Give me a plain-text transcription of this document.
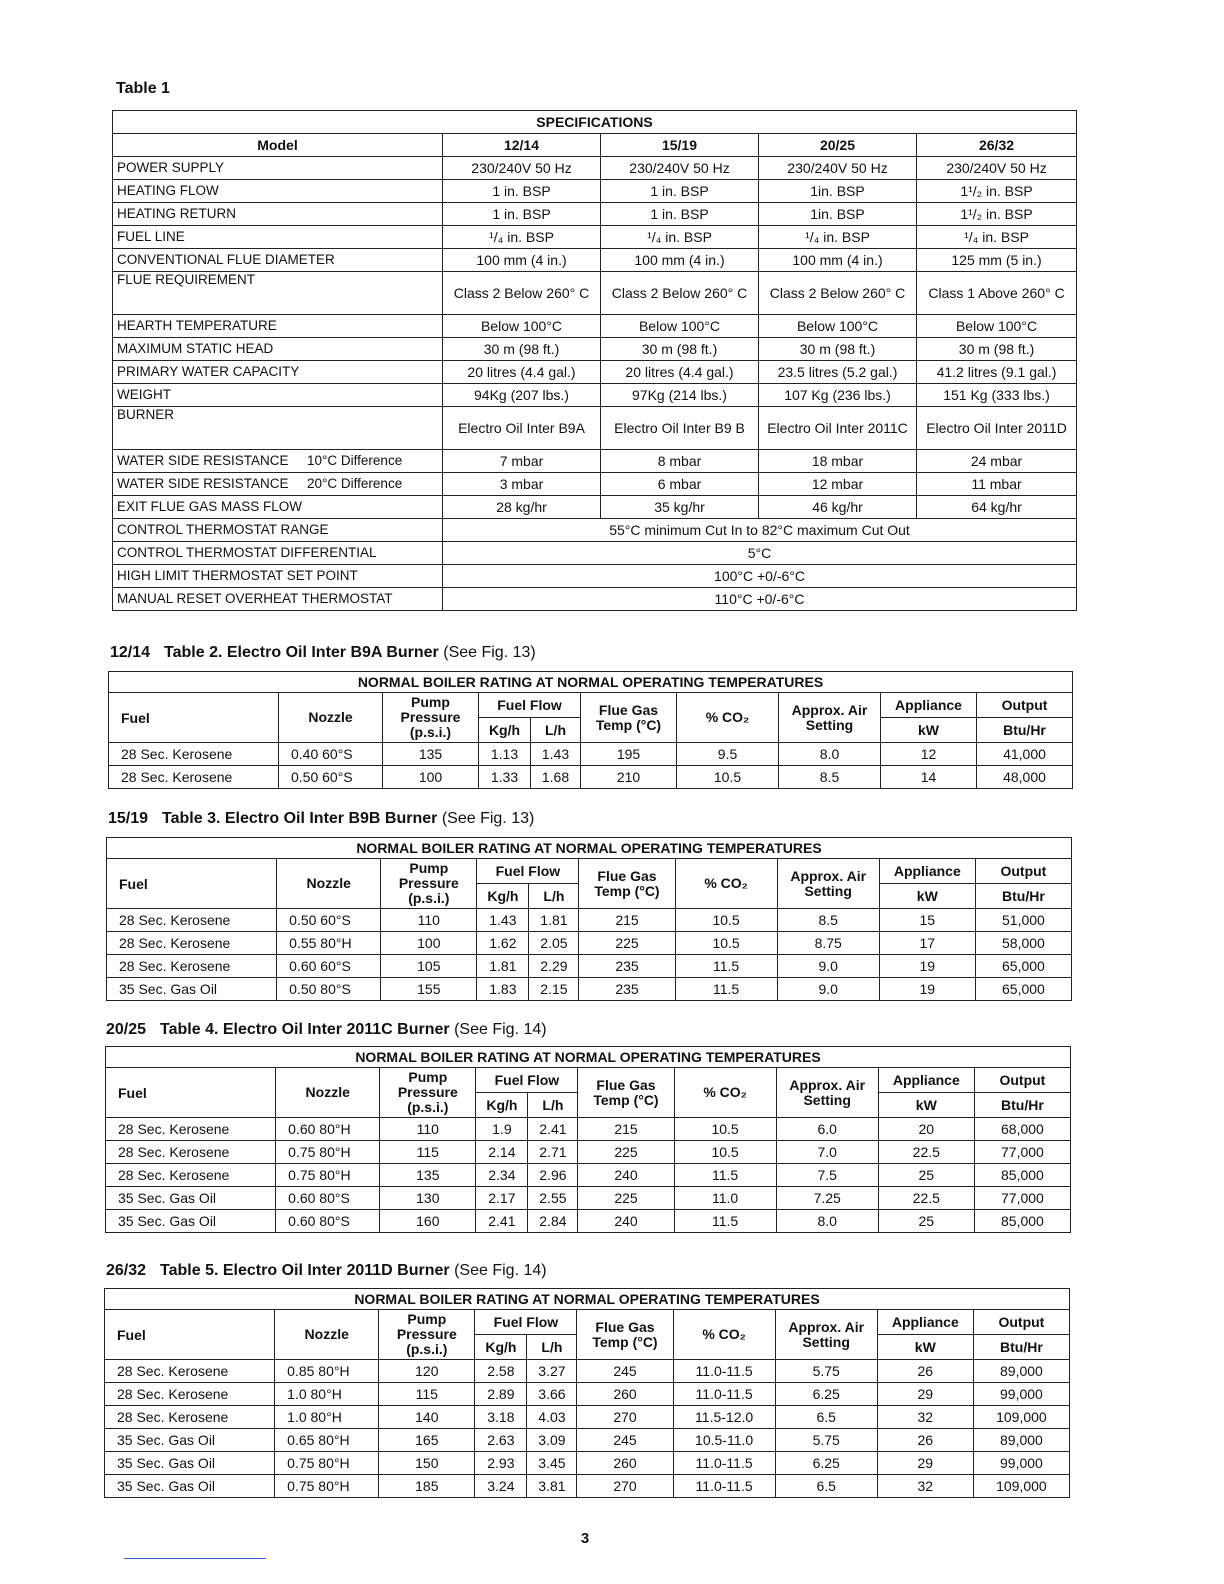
Table 1
SPECIFICATIONS				
Model	12/14	15/19	20/25	26/32
POWER SUPPLY	230/240V 50 Hz	230/240V 50 Hz	230/240V 50 Hz	230/240V 50 Hz
HEATING FLOW	1 in. BSP	1 in. BSP	1in. BSP	1¹/₂ in. BSP
HEATING RETURN	1 in. BSP	1 in. BSP	1in. BSP	1¹/₂ in. BSP
FUEL LINE	¹/₄ in. BSP	¹/₄ in. BSP	¹/₄ in. BSP	¹/₄ in. BSP
CONVENTIONAL FLUE DIAMETER	100 mm (4 in.)	100 mm (4 in.)	100 mm (4 in.)	125 mm (5 in.)
FLUE REQUIREMENT	Class 2 Below 260° C	Class 2 Below 260° C	Class 2 Below 260° C	Class 1 Above 260° C
HEARTH TEMPERATURE	Below 100°C	Below 100°C	Below 100°C	Below 100°C
MAXIMUM STATIC HEAD	30 m (98 ft.)	30 m (98 ft.)	30 m (98 ft.)	30 m (98 ft.)
PRIMARY WATER CAPACITY	20 litres (4.4 gal.)	20 litres (4.4 gal.)	23.5 litres (5.2 gal.)	41.2 litres (9.1 gal.)
WEIGHT	94Kg (207 lbs.)	97Kg (214 lbs.)	107 Kg (236 lbs.)	151 Kg (333 lbs.)
BURNER	Electro Oil Inter B9A	Electro Oil Inter B9 B	Electro Oil Inter 2011C	Electro Oil Inter 2011D
WATER SIDE RESISTANCE 10°C Difference	7 mbar	8 mbar	18 mbar	24 mbar
WATER SIDE RESISTANCE 20°C Difference	3 mbar	6 mbar	12 mbar	11 mbar
EXIT FLUE GAS MASS FLOW	28 kg/hr	35 kg/hr	46 kg/hr	64 kg/hr
CONTROL THERMOSTAT RANGE	55°C minimum Cut In to 82°C maximum Cut Out			
CONTROL THERMOSTAT DIFFERENTIAL	5°C			
HIGH LIMIT THERMOSTAT SET POINT	100°C +0/-6°C			
MANUAL RESET OVERHEAT THERMOSTAT	110°C +0/-6°C			
12/14 Table 2. Electro Oil Inter B9A Burner (See Fig. 13)
NORMAL BOILER RATING AT NORMAL OPERATING TEMPERATURES									
Fuel	Nozzle	Pump Pressure (p.s.i.)	Fuel Flow		Flue Gas Temp (°C)	% CO₂	Approx. Air Setting	Appliance	Output
			Kg/h	L/h				kW	Btu/Hr
28 Sec. Kerosene	0.40 60°S	135	1.13	1.43	195	9.5	8.0	12	41,000
28 Sec. Kerosene	0.50 60°S	100	1.33	1.68	210	10.5	8.5	14	48,000
15/19 Table 3. Electro Oil Inter B9B Burner (See Fig. 13)
NORMAL BOILER RATING AT NORMAL OPERATING TEMPERATURES									
Fuel	Nozzle	Pump Pressure (p.s.i.)	Fuel Flow		Flue Gas Temp (°C)	% CO₂	Approx. Air Setting	Appliance	Output
			Kg/h	L/h				kW	Btu/Hr
28 Sec. Kerosene	0.50 60°S	110	1.43	1.81	215	10.5	8.5	15	51,000
28 Sec. Kerosene	0.55 80°H	100	1.62	2.05	225	10.5	8.75	17	58,000
28 Sec. Kerosene	0.60 60°S	105	1.81	2.29	235	11.5	9.0	19	65,000
35 Sec. Gas Oil	0.50 80°S	155	1.83	2.15	235	11.5	9.0	19	65,000
20/25 Table 4. Electro Oil Inter 2011C Burner (See Fig. 14)
NORMAL BOILER RATING AT NORMAL OPERATING TEMPERATURES									
Fuel	Nozzle	Pump Pressure (p.s.i.)	Fuel Flow		Flue Gas Temp (°C)	% CO₂	Approx. Air Setting	Appliance	Output
			Kg/h	L/h				kW	Btu/Hr
28 Sec. Kerosene	0.60 80°H	110	1.9	2.41	215	10.5	6.0	20	68,000
28 Sec. Kerosene	0.75 80°H	115	2.14	2.71	225	10.5	7.0	22.5	77,000
28 Sec. Kerosene	0.75 80°H	135	2.34	2.96	240	11.5	7.5	25	85,000
35 Sec. Gas Oil	0.60 80°S	130	2.17	2.55	225	11.0	7.25	22.5	77,000
35 Sec. Gas Oil	0.60 80°S	160	2.41	2.84	240	11.5	8.0	25	85,000
26/32 Table 5. Electro Oil Inter 2011D Burner (See Fig. 14)
NORMAL BOILER RATING AT NORMAL OPERATING TEMPERATURES									
Fuel	Nozzle	Pump Pressure (p.s.i.)	Fuel Flow		Flue Gas Temp (°C)	% CO₂	Approx. Air Setting	Appliance	Output
			Kg/h	L/h				kW	Btu/Hr
28 Sec. Kerosene	0.85 80°H	120	2.58	3.27	245	11.0-11.5	5.75	26	89,000
28 Sec. Kerosene	1.0 80°H	115	2.89	3.66	260	11.0-11.5	6.25	29	99,000
28 Sec. Kerosene	1.0 80°H	140	3.18	4.03	270	11.5-12.0	6.5	32	109,000
35 Sec. Gas Oil	0.65 80°H	165	2.63	3.09	245	10.5-11.0	5.75	26	89,000
35 Sec. Gas Oil	0.75 80°H	150	2.93	3.45	260	11.0-11.5	6.25	29	99,000
35 Sec. Gas Oil	0.75 80°H	185	3.24	3.81	270	11.0-11.5	6.5	32	109,000
3
